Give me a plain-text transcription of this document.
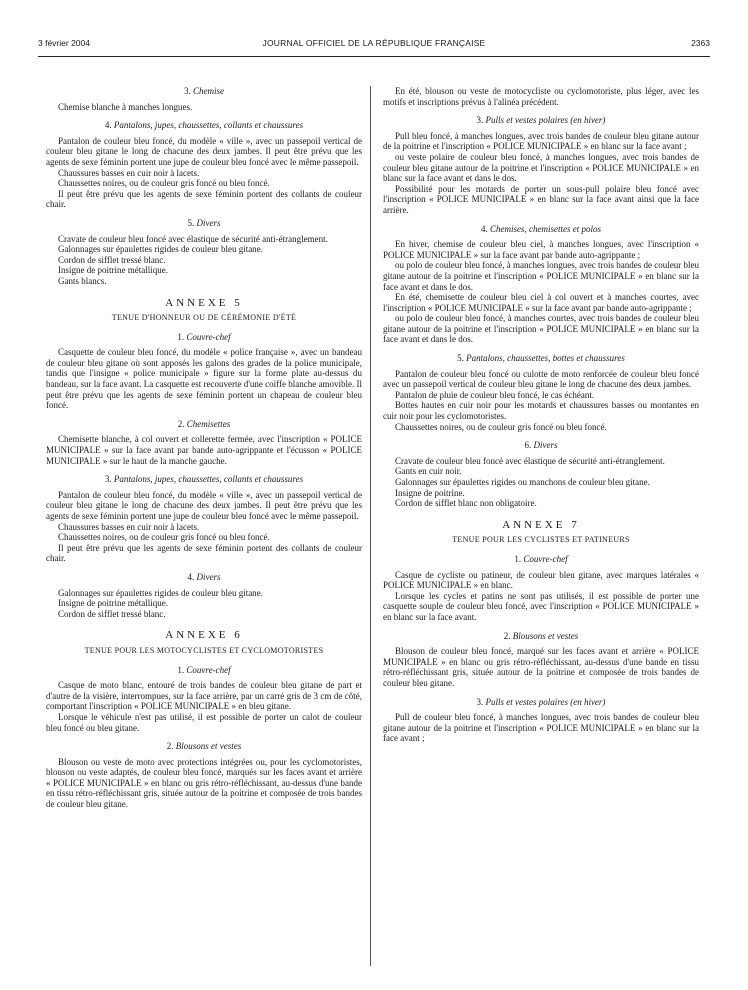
3 février 2004	JOURNAL OFFICIEL DE LA RÉPUBLIQUE FRANÇAISE	2363
3. Chemise

Chemise blanche à manches longues.

4. Pantalons, jupes, chaussettes, collants et chaussures

Pantalon de couleur bleu foncé, du modèle « ville », avec un passepoil vertical de couleur bleu gitane le long de chacune des deux jambes. Il peut être prévu que les agents de sexe féminin portent une jupe de couleur bleu foncé avec le même passepoil.

Chaussures basses en cuir noir à lacets.

Chaussettes noires, ou de couleur gris foncé ou bleu foncé.

Il peut être prévu que les agents de sexe féminin portent des collants de couleur chair.

5. Divers

Cravate de couleur bleu foncé avec élastique de sécurité anti-étranglement.

Galonnages sur épaulettes rigides de couleur bleu gitane.

Cordon de sifflet tressé blanc.

Insigne de poitrine métallique.

Gants blancs.

ANNEXE 5
TENUE D'HONNEUR OU DE CÉRÉMONIE D'ÉTÉ
1. Couvre-chef

Casquette de couleur bleu foncé, du modèle « police française », avec un bandeau de couleur bleu gitane où sont apposés les galons des grades de la police municipale, tandis que l'insigne « police municipale » figure sur la forme plate au-dessus du bandeau, sur la face avant. La casquette est recouverte d'une coiffe blanche amovible. Il peut être prévu que les agents de sexe féminin portent un chapeau de couleur bleu foncé.

2. Chemisettes

Chemisette blanche, à col ouvert et collerette fermée, avec l'inscription « POLICE MUNICIPALE » sur la face avant par bande auto-agrippante et l'écusson « POLICE MUNICIPALE » sur le haut de la manche gauche.

3. Pantalons, jupes, chaussettes, collants et chaussures

Pantalon de couleur bleu foncé, du modèle « ville », avec un passepoil vertical de couleur bleu gitane le long de chacune des deux jambes. Il peut être prévu que les agents de sexe féminin portent une jupe de couleur bleu foncé avec le même passepoil.

Chaussures basses en cuir noir à lacets.

Chaussettes noires, ou de couleur gris foncé ou bleu foncé.

Il peut être prévu que les agents de sexe féminin portent des collants de couleur chair.

4. Divers

Galonnages sur épaulettes rigides de couleur bleu gitane.

Insigne de poitrine métallique.

Cordon de sifflet tressé blanc.

ANNEXE 6
TENUE POUR LES MOTOCYCLISTES ET CYCLOMOTORISTES
1. Couvre-chef

Casque de moto blanc, entouré de trois bandes de couleur bleu gitane de part et d'autre de la visière, interrompues, sur la face arrière, par un carré gris de 3 cm de côté, comportant l'inscription « POLICE MUNICIPALE » en bleu gitane.

Lorsque le véhicule n'est pas utilisé, il est possible de porter un calot de couleur bleu foncé ou bleu gitane.

2. Blousons et vestes

Blouson ou veste de moto avec protections intégrées ou, pour les cyclomotoristes, blouson ou veste adaptés, de couleur bleu foncé, marqués sur les faces avant et arrière « POLICE MUNICIPALE » en blanc ou gris rétro-réfléchissant, au-dessus d'une bande en tissu rétro-réfléchissant gris, située autour de la poitrine et composée de trois bandes de couleur bleu gitane.

En été, blouson ou veste de motocycliste ou cyclomotoriste, plus léger, avec les motifs et inscriptions prévus à l'alinéa précédent.

3. Pulls et vestes polaires (en hiver)

Pull bleu foncé, à manches longues, avec trois bandes de couleur bleu gitane autour de la poitrine et l'inscription « POLICE MUNICIPALE » en blanc sur la face avant ;

ou veste polaire de couleur bleu foncé, à manches longues, avec trois bandes de couleur bleu gitane autour de la poitrine et l'inscription « POLICE MUNICIPALE » en blanc sur la face avant et dans le dos.

Possibilité pour les motards de porter un sous-pull polaire bleu foncé avec l'inscription « POLICE MUNICIPALE » en blanc sur la face avant ainsi que la face arrière.

4. Chemises, chemisettes et polos

En hiver, chemise de couleur bleu ciel, à manches longues, avec l'inscription « POLICE MUNICIPALE » sur la face avant par bande auto-agrippante ;

ou polo de couleur bleu foncé, à manches longues, avec trois bandes de couleur bleu gitane autour de la poitrine et l'inscription « POLICE MUNICIPALE » en blanc sur la face avant et dans le dos.

En été, chemisette de couleur bleu ciel à col ouvert et à manches courtes, avec l'inscription « POLICE MUNICIPALE » sur la face avant par bande auto-agrippante ;

ou polo de couleur bleu foncé, à manches courtes, avec trois bandes de couleur bleu gitane autour de la poitrine et l'inscription « POLICE MUNICIPALE » en blanc sur la face avant et dans le dos.

5. Pantalons, chaussettes, bottes et chaussures

Pantalon de couleur bleu foncé ou culotte de moto renforcée de couleur bleu foncé avec un passepoil vertical de couleur bleu gitane le long de chacune des deux jambes.

Pantalon de pluie de couleur bleu foncé, le cas échéant.

Bottes hautes en cuir noir pour les motards et chaussures basses ou montantes en cuir noir pour les cyclomotoristes.

Chaussettes noires, ou de couleur gris foncé ou bleu foncé.

6. Divers

Cravate de couleur bleu foncé avec élastique de sécurité anti-étranglement.

Gants en cuir noir.

Galonnages sur épaulettes rigides ou manchons de couleur bleu gitane.

Insigne de poitrine.

Cordon de sifflet blanc non obligatoire.

ANNEXE 7
TENUE POUR LES CYCLISTES ET PATINEURS
1. Couvre-chef

Casque de cycliste ou patineur, de couleur bleu gitane, avec marques latérales « POLICE MUNICIPALE » en blanc.

Lorsque les cycles et patins ne sont pas utilisés, il est possible de porter une casquette souple de couleur bleu foncé, avec l'inscription « POLICE MUNICIPALE » en blanc sur la face avant.

2. Blousons et vestes

Blouson de couleur bleu foncé, marqué sur les faces avant et arrière « POLICE MUNICIPALE » en blanc ou gris rétro-réfléchissant, au-dessus d'une bande en tissu rétro-réfléchissant gris, située autour de la poitrine et composée de trois bandes de couleur bleu gitane.

3. Pulls et vestes polaires (en hiver)

Pull de couleur bleu foncé, à manches longues, avec trois bandes de couleur bleu gitane autour de la poitrine et l'inscription « POLICE MUNICIPALE » en blanc sur la face avant ;
